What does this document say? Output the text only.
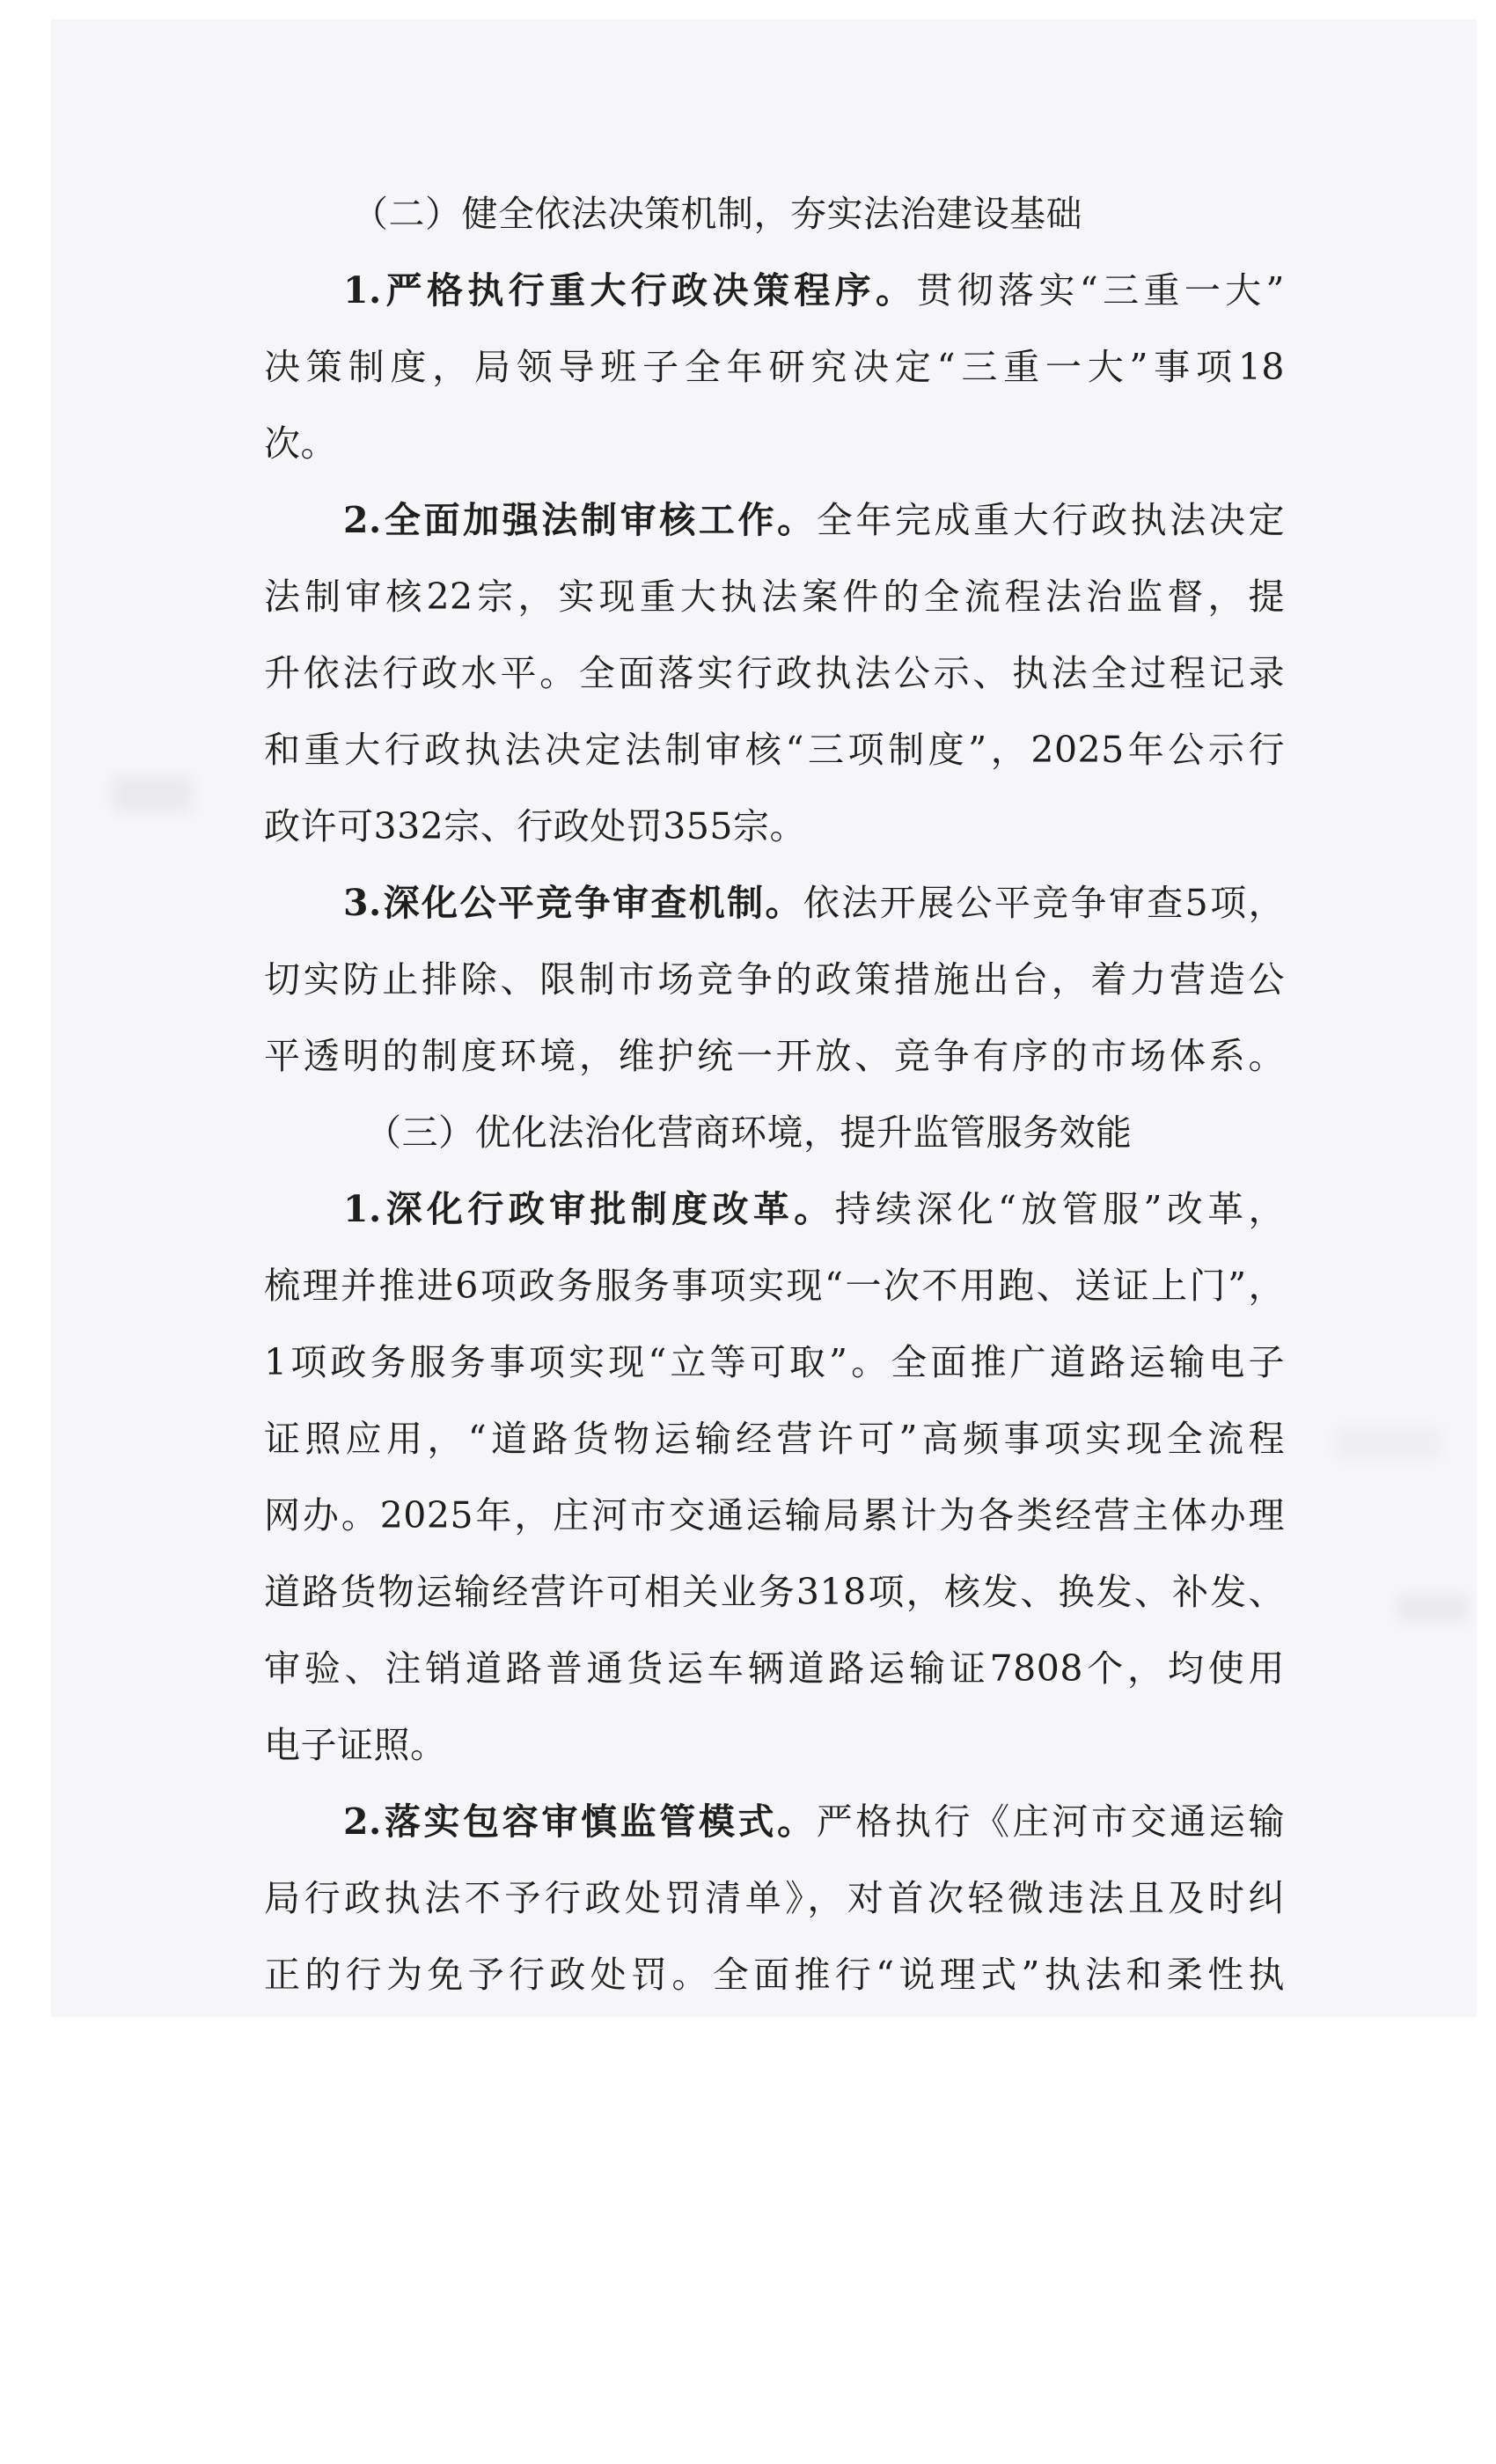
（二）健全依法决策机制，夯实法治建设基础
1.严格执行重大行政决策程序。贯彻落实“三重一大”
决策制度，局领导班子全年研究决定“三重一大”事项18
次。
2.全面加强法制审核工作。全年完成重大行政执法决定
法制审核22宗，实现重大执法案件的全流程法治监督，提
升依法行政水平。全面落实行政执法公示、执法全过程记录
和重大行政执法决定法制审核“三项制度”，2025年公示行
政许可332宗、行政处罚355宗。
3.深化公平竞争审查机制。依法开展公平竞争审查5项，
切实防止排除、限制市场竞争的政策措施出台，着力营造公
平透明的制度环境，维护统一开放、竞争有序的市场体系。
（三）优化法治化营商环境，提升监管服务效能
1.深化行政审批制度改革。持续深化“放管服”改革，
梳理并推进6项政务服务事项实现“一次不用跑、送证上门”，
1项政务服务事项实现“立等可取”。全面推广道路运输电子
证照应用，“道路货物运输经营许可”高频事项实现全流程
网办。2025年，庄河市交通运输局累计为各类经营主体办理
道路货物运输经营许可相关业务318项，核发、换发、补发、
审验、注销道路普通货运车辆道路运输证7808个，均使用
电子证照。
2.落实包容审慎监管模式。严格执行《庄河市交通运输
局行政执法不予行政处罚清单》，对首次轻微违法且及时纠
正的行为免予行政处罚。全面推行“说理式”执法和柔性执
